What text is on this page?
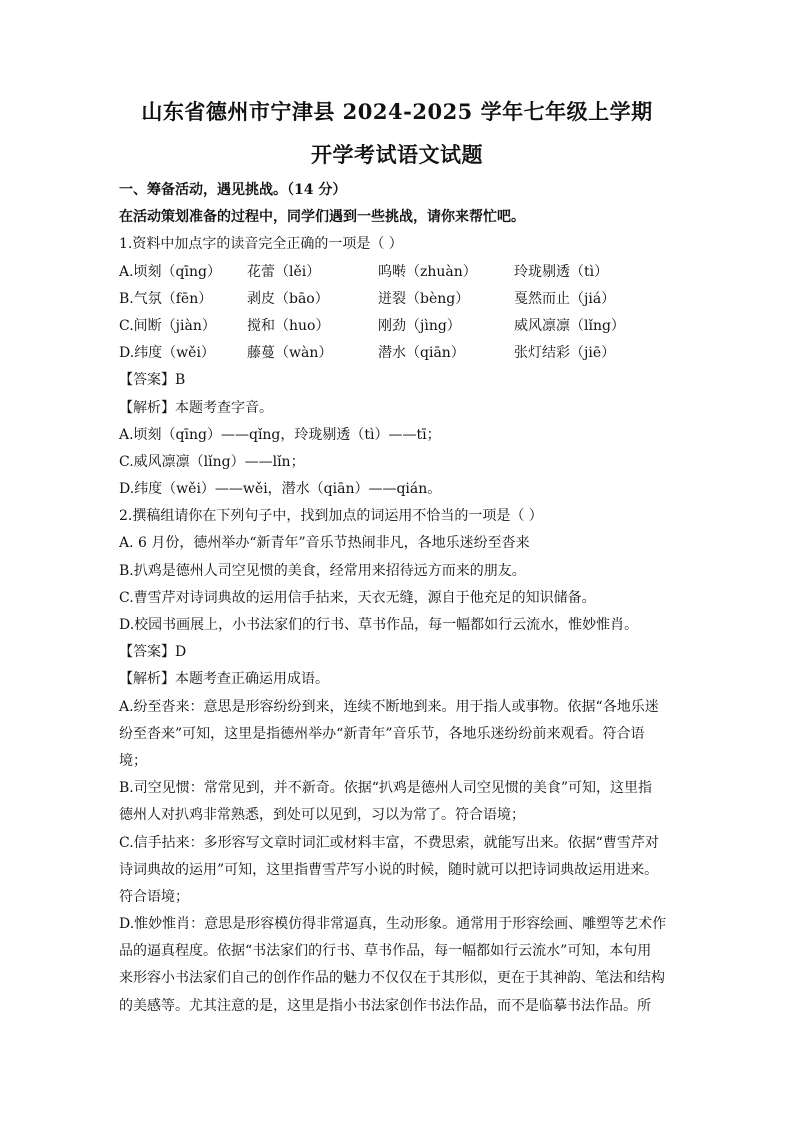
山东省德州市宁津县 2024-2025 学年七年级上学期
开学考试语文试题
一、筹备活动，遇见挑战。（14 分）
在活动策划准备的过程中，同学们遇到一些挑战，请你来帮忙吧。
1.资料中加点字的读音完全正确的一项是（ ）
A.顷刻（qīng）	花蕾（lěi）	呜啭（zhuàn）	玲珑剔透（tì）
B.气氛（fēn）	剥皮（bāo）	迸裂（bèng）	戛然而止（jiá）
C.间断（jiàn）	搅和（huo）	刚劲（jìng）	威风凛凛（lǐng）
D.纬度（wěi）	藤蔓（wàn）	潜水（qiān）	张灯结彩（jiē）
【答案】B
【解析】本题考查字音。
A.顷刻（qīng）——qǐng，玲珑剔透（tì）——tī；
C.威风凛凛（lǐng）——lǐn；
D.纬度（wěi）——wěi，潜水（qiān）——qián。
2.撰稿组请你在下列句子中，找到加点的词运用不恰当的一项是（ ）
A. 6 月份，德州举办“新青年”音乐节热闹非凡，各地乐迷纷至沓来
B.扒鸡是德州人司空见惯的美食，经常用来招待远方而来的朋友。
C.曹雪芹对诗词典故的运用信手拈来，天衣无缝，源自于他充足的知识储备。
D.校园书画展上，小书法家们的行书、草书作品，每一幅都如行云流水，惟妙惟肖。
【答案】D
【解析】本题考查正确运用成语。
A.纷至沓来：意思是形容纷纷到来，连续不断地到来。用于指人或事物。依据“各地乐迷
纷至沓来”可知，这里是指德州举办“新青年”音乐节，各地乐迷纷纷前来观看。符合语
境；
B.司空见惯：常常见到，并不新奇。依据“扒鸡是德州人司空见惯的美食”可知，这里指
德州人对扒鸡非常熟悉，到处可以见到，习以为常了。符合语境；
C.信手拈来：多形容写文章时词汇或材料丰富，不费思索，就能写出来。依据“曹雪芹对
诗词典故的运用”可知，这里指曹雪芹写小说的时候，随时就可以把诗词典故运用进来。
符合语境；
D.惟妙惟肖：意思是形容模仿得非常逼真，生动形象。通常用于形容绘画、雕塑等艺术作
品的逼真程度。依据“书法家们的行书、草书作品，每一幅都如行云流水”可知，本句用
来形容小书法家们自己的创作作品的魅力不仅仅在于其形似，更在于其神韵、笔法和结构
的美感等。尤其注意的是，这里是指小书法家创作书法作品，而不是临摹书法作品。所
